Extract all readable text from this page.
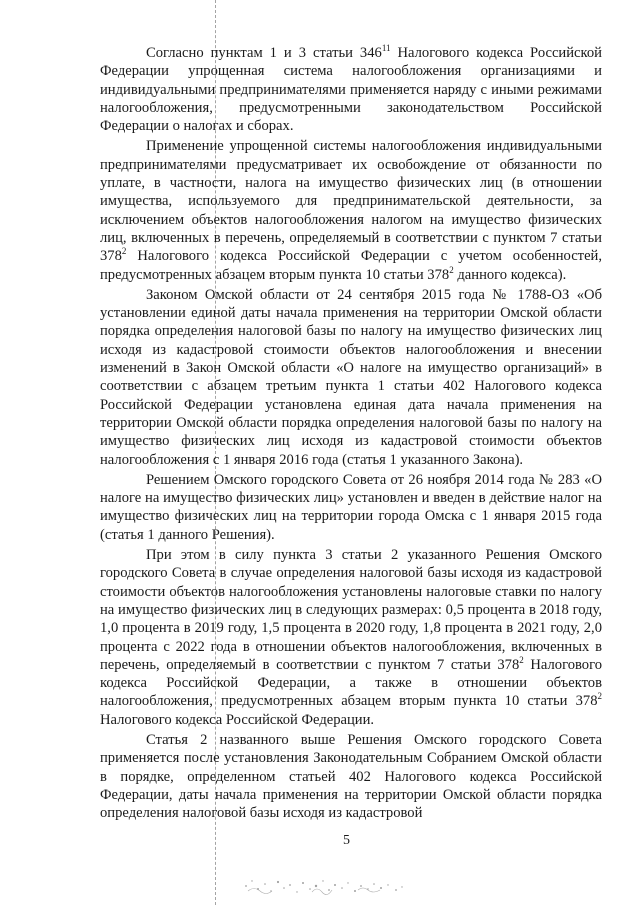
Согласно пунктам 1 и 3 статьи $346^{11}$ Налогового кодекса Российской Федерации упрощенная система налогообложения организациями и индивидуальными предпринимателями применяется наряду с иными режимами налогообложения, предусмотренными законодательством Российской Федерации о налогах и сборах.

Применение упрощенной системы налогообложения индивидуальными предпринимателями предусматривает их освобождение от обязанности по уплате, в частности, налога на имущество физических лиц (в отношении имущества, используемого для предпринимательской деятельности, за исключением объектов налогообложения налогом на имущество физических лиц, включенных в перечень, определяемый в соответствии с пунктом 7 статьи $378^2$ Налогового кодекса Российской Федерации с учетом особенностей, предусмотренных абзацем вторым пункта 10 статьи $378^2$ данного кодекса).

Законом Омской области от 24 сентября 2015 года № 1788-ОЗ «Об установлении единой даты начала применения на территории Омской области порядка определения налоговой базы по налогу на имущество физических лиц исходя из кадастровой стоимости объектов налогообложения и внесении изменений в Закон Омской области «О налоге на имущество организаций» в соответствии с абзацем третьим пункта 1 статьи 402 Налогового кодекса Российской Федерации установлена единая дата начала применения на территории Омской области порядка определения налоговой базы по налогу на имущество физических лиц исходя из кадастровой стоимости объектов налогообложения с 1 января 2016 года (статья 1 указанного Закона).

Решением Омского городского Совета от 26 ноября 2014 года № 283 «О налоге на имущество физических лиц» установлен и введен в действие налог на имущество физических лиц на территории города Омска с 1 января 2015 года (статья 1 данного Решения).

При этом в силу пункта 3 статьи 2 указанного Решения Омского городского Совета в случае определения налоговой базы исходя из кадастровой стоимости объектов налогообложения установлены налоговые ставки по налогу на имущество физических лиц в следующих размерах: 0,5 процента в 2018 году, 1,0 процента в 2019 году, 1,5 процента в 2020 году, 1,8 процента в 2021 году, 2,0 процента с 2022 года в отношении объектов налогообложения, включенных в перечень, определяемый в соответствии с пунктом 7 статьи $378^2$ Налогового кодекса Российской Федерации, а также в отношении объектов налогообложения, предусмотренных абзацем вторым пункта 10 статьи $378^2$ Налогового кодекса Российской Федерации.

Статья 2 названного выше Решения Омского городского Совета применяется после установления Законодательным Собранием Омской области в порядке, определенном статьей 402 Налогового кодекса Российской Федерации, даты начала применения на территории Омской области порядка определения налоговой базы исходя из кадастровой

5
